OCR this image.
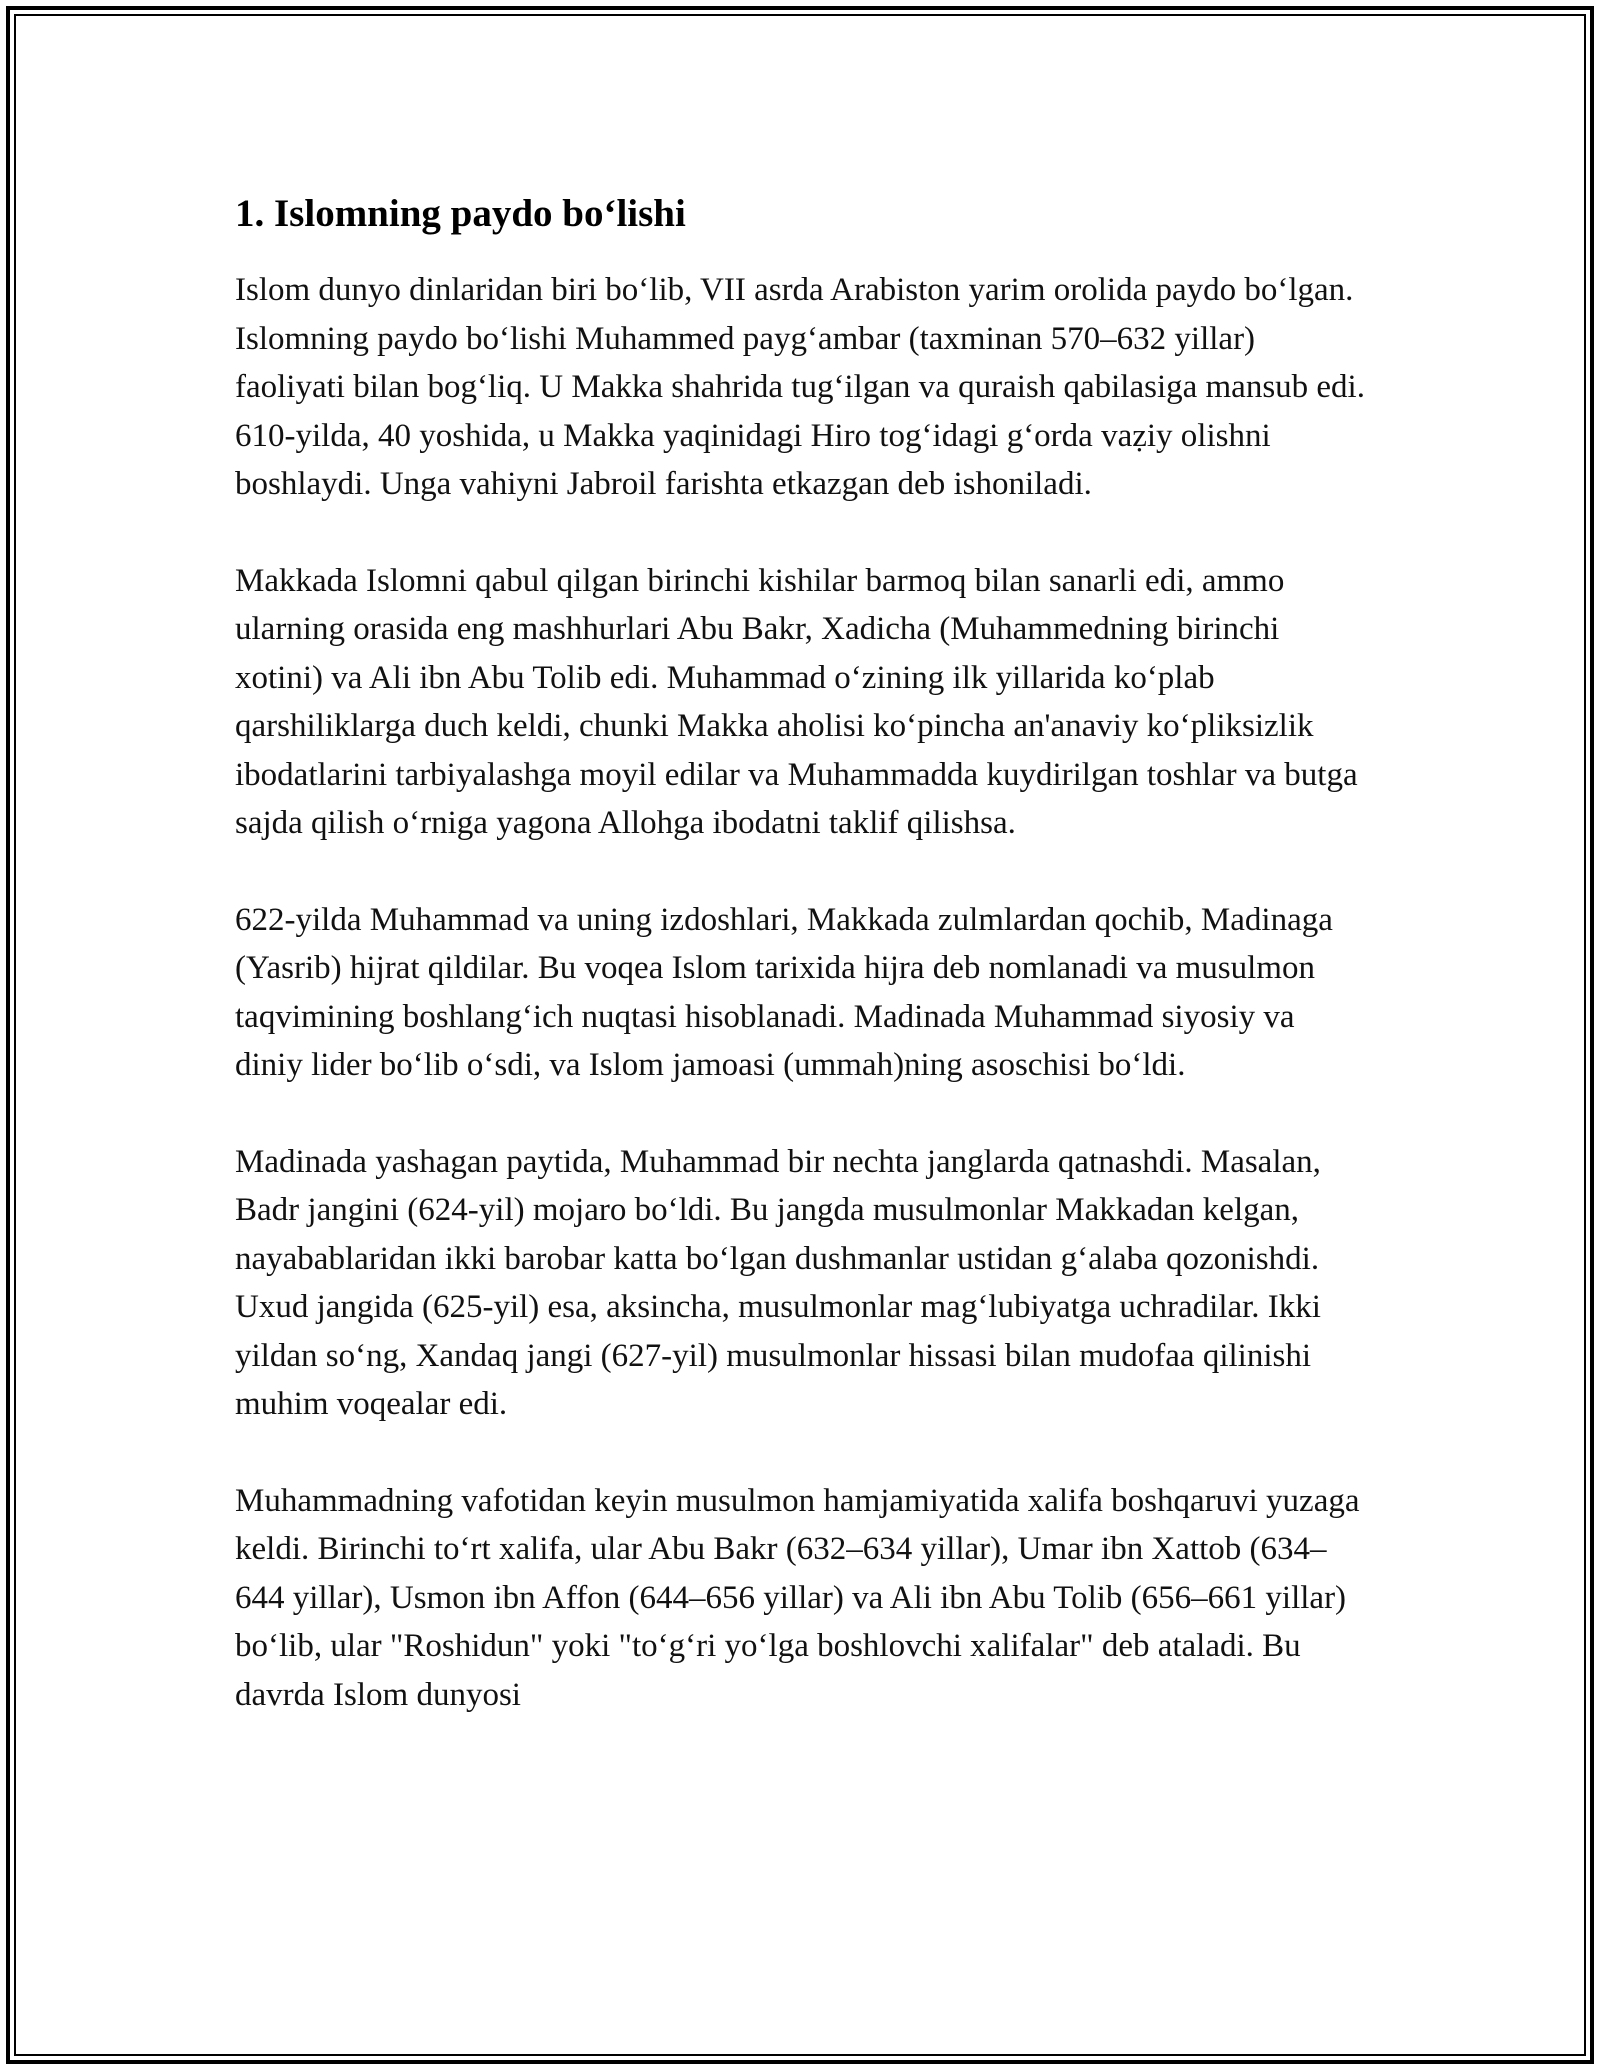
1. Islomning paydo bo‘lishi

Islom dunyo dinlaridan biri bo‘lib, VII asrda Arabiston yarim orolida paydo bo‘lgan. Islomning paydo bo‘lishi Muhammed payg‘ambar (taxminan 570–632 yillar) faoliyati bilan bog‘liq. U Makka shahrida tug‘ilgan va quraish qabilasiga mansub edi. 610-yilda, 40 yoshida, u Makka yaqinidagi Hiro tog‘idagi g‘orda vaẓiy olishni boshlaydi. Unga vahiyni Jabroil farishta etkazgan deb ishoniladi.

Makkada Islomni qabul qilgan birinchi kishilar barmoq bilan sanarli edi, ammo ularning orasida eng mashhurlari Abu Bakr, Xadicha (Muhammedning birinchi xotini) va Ali ibn Abu Tolib edi. Muhammad o‘zining ilk yillarida ko‘plab qarshiliklarga duch keldi, chunki Makka aholisi ko‘pincha an'anaviy ko‘pliksizlik ibodatlarini tarbiyalashga moyil edilar va Muhammadda kuydirilgan toshlar va butga sajda qilish o‘rniga yagona Allohga ibodatni taklif qilishsa.

622-yilda Muhammad va uning izdoshlari, Makkada zulmlardan qochib, Madinaga (Yasrib) hijrat qildilar. Bu voqea Islom tarixida hijra deb nomlanadi va musulmon taqvimining boshlang‘ich nuqtasi hisoblanadi. Madinada Muhammad siyosiy va diniy lider bo‘lib o‘sdi, va Islom jamoasi (ummah)ning asoschisi bo‘ldi.

Madinada yashagan paytida, Muhammad bir nechta janglarda qatnashdi. Masalan, Badr jangini (624-yil) mojaro bo‘ldi. Bu jangda musulmonlar Makkadan kelgan, nayabablaridan ikki barobar katta bo‘lgan dushmanlar ustidan g‘alaba qozonishdi. Uxud jangida (625-yil) esa, aksincha, musulmonlar mag‘lubiyatga uchradilar. Ikki yildan so‘ng, Xandaq jangi (627-yil) musulmonlar hissasi bilan mudofaa qilinishi muhim voqealar edi.

Muhammadning vafotidan keyin musulmon hamjamiyatida xalifa boshqaruvi yuzaga keldi. Birinchi to‘rt xalifa, ular Abu Bakr (632–634 yillar), Umar ibn Xattob (634–644 yillar), Usmon ibn Affon (644–656 yillar) va Ali ibn Abu Tolib (656–661 yillar) bo‘lib, ular "Roshidun" yoki "to‘g‘ri yo‘lga boshlovchi xalifalar" deb ataladi. Bu davrda Islom dunyosi
